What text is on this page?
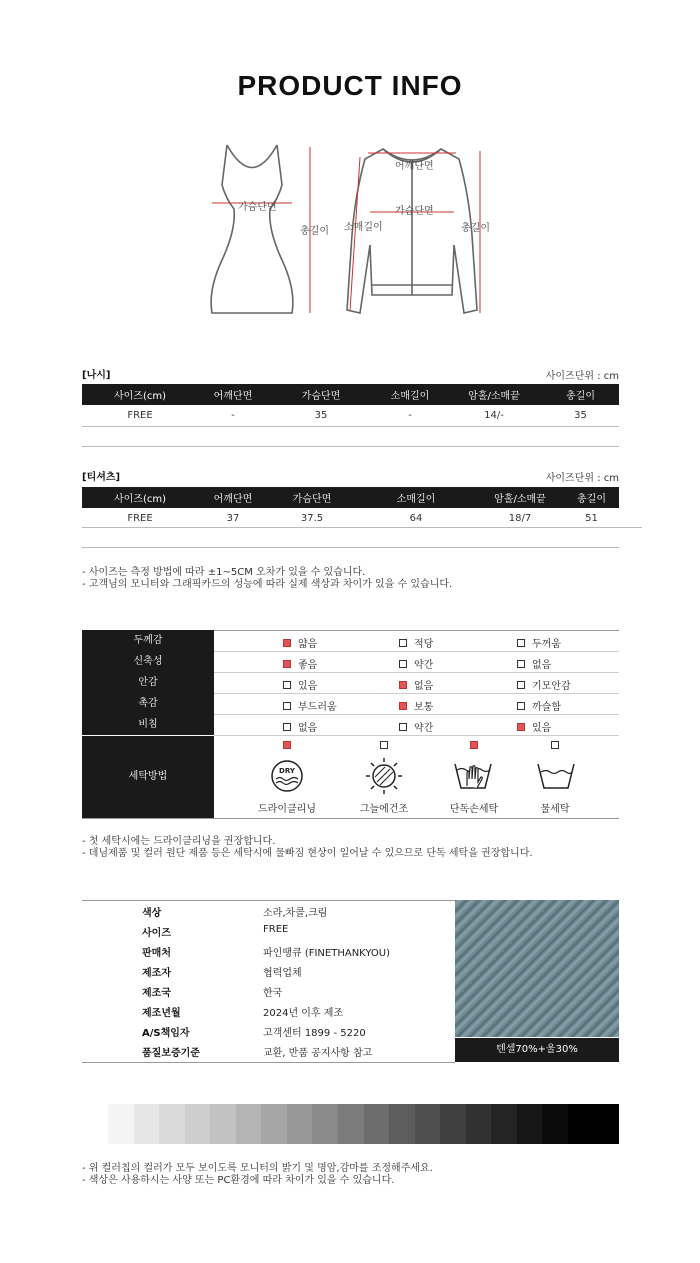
PRODUCT INFO
가슴단면
총길이
어깨단면
가슴단면
소매길이	총길이
[나시]	사이즈단위 : cm
사이즈(cm)	어깨단면	가슴단면	소매길이	암홀/소매끝	총길이
FREE	-	35	-	14/-	35
[티셔츠]	사이즈단위 : cm
사이즈(cm)	어깨단면	가슴단면	소매길이	암홀/소매끝	총길이
FREE	37	37.5	64	18/7	51
- 사이즈는 측정 방법에 따라 ±1~5CM 오차가 있을 수 있습니다.
- 고객님의 모니터와 그래픽카드의 성능에 따라 실제 색상과 차이가 있을 수 있습니다.
두께감	얇음	적당	두꺼움
신축성	좋음	약간	없음
안감	있음	없음	기모안감
촉감	부드러움	보통	까슬함
비침	없음	약간	있음
세탁방법	DRY
드라이클리닝	그늘에건조	단독손세탁	물세탁
- 첫 세탁시에는 드라이클리닝을 권장합니다.
- 데님제품 및 컬러 원단 제품 등은 세탁시에 물빠짐 현상이 일어날 수 있으므로 단독 세탁을 권장합니다.
색상	소라,차콜,크림
사이즈	FREE
판매처	파인땡큐 (FINETHANKYOU)
제조자	협력업체
제조국	한국
제조년월	2024년 이후 제조
A/S책임자	고객센터 1899 - 5220
품질보증기준	교환, 반품 공지사항 참고	텐셀70%+울30%
- 위 컬러칩의 컬러가 모두 보이도록 모니터의 밝기 및 명암,감마를 조정해주세요.
- 색상은 사용하시는 사양 또는 PC환경에 따라 차이가 있을 수 있습니다.
